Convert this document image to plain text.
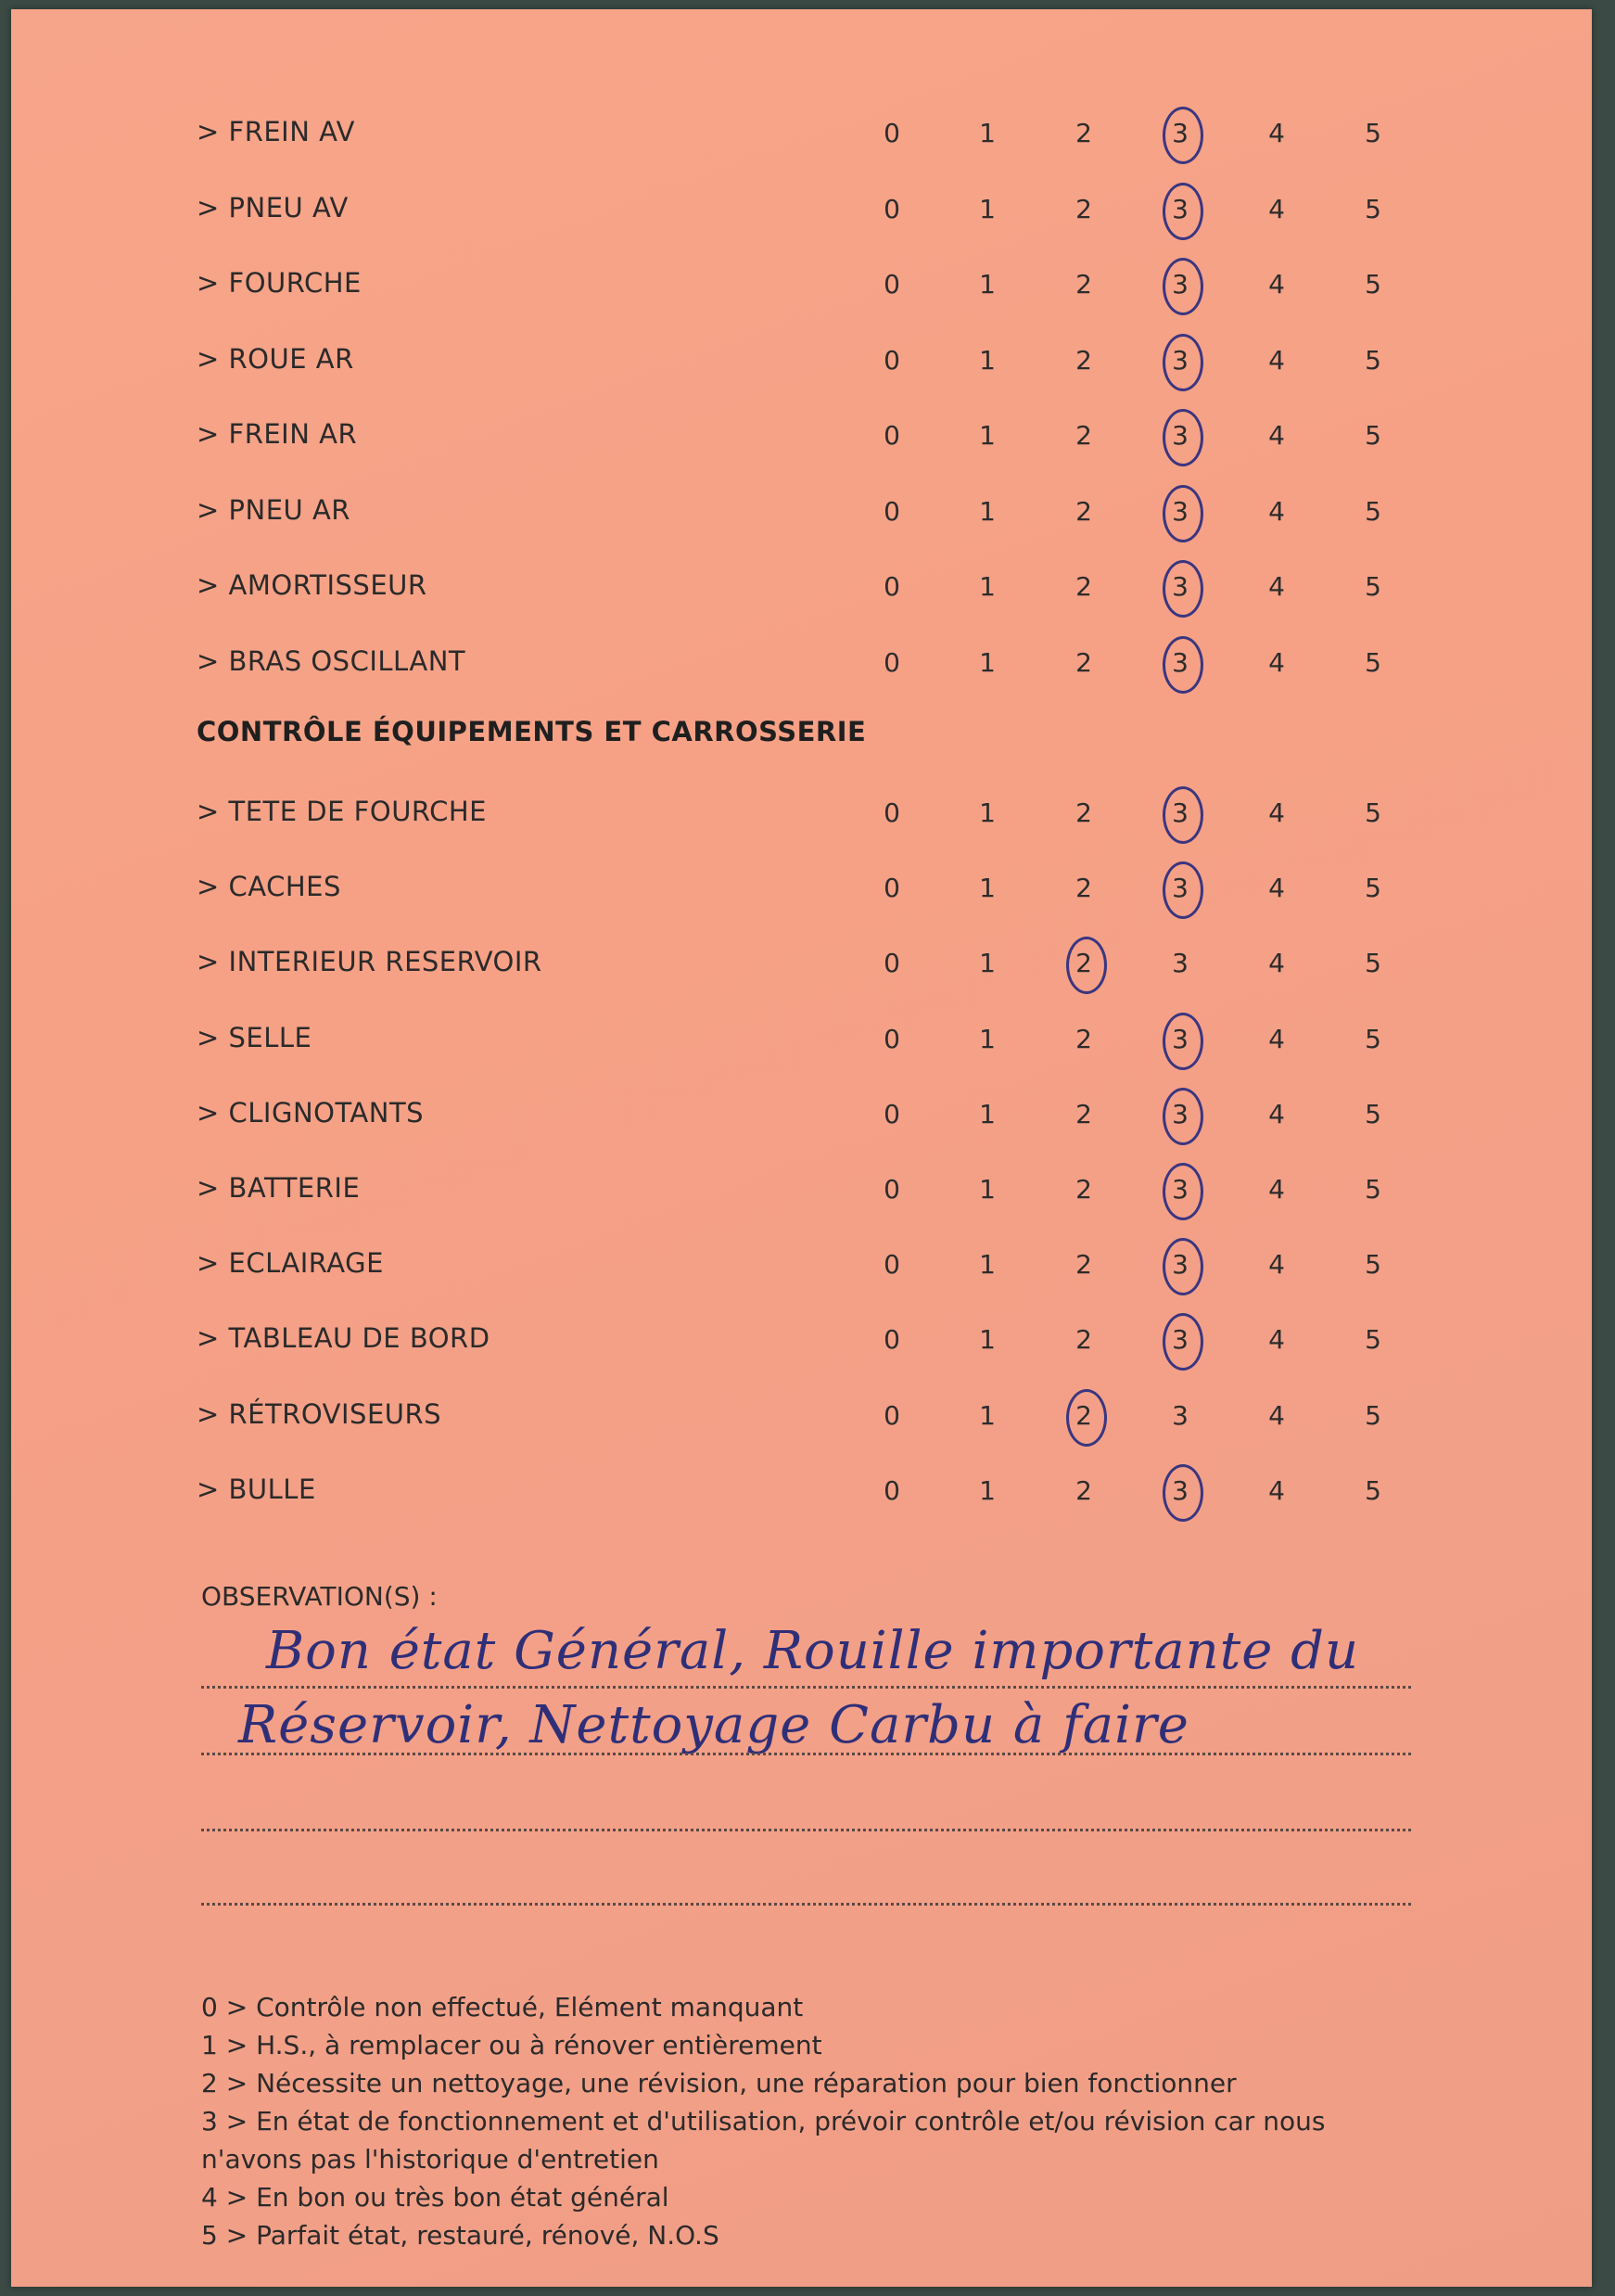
> FREIN AV	0	1	2	3	4	5
> PNEU AV	0	1	2	3	4	5
> FOURCHE	0	1	2	3	4	5
> ROUE AR	0	1	2	3	4	5
> FREIN AR	0	1	2	3	4	5
> PNEU AR	0	1	2	3	4	5
> AMORTISSEUR	0	1	2	3	4	5
> BRAS OSCILLANT	0	1	2	3	4	5
CONTRÔLE ÉQUIPEMENTS ET CARROSSERIE
> TETE DE FOURCHE	0	1	2	3	4	5
> CACHES	0	1	2	3	4	5
> INTERIEUR RESERVOIR	0	1	2	3	4	5
> SELLE	0	1	2	3	4	5
> CLIGNOTANTS	0	1	2	3	4	5
> BATTERIE	0	1	2	3	4	5
> ECLAIRAGE	0	1	2	3	4	5
> TABLEAU DE BORD	0	1	2	3	4	5
> RÉTROVISEURS	0	1	2	3	4	5
> BULLE	0	1	2	3	4	5
OBSERVATION(S) :
Bon état Général, Rouille importante du
Réservoir, Nettoyage Carbu à faire
0 > Contrôle non effectué, Elément manquant
1 > H.S., à remplacer ou à rénover entièrement
2 > Nécessite un nettoyage, une révision, une réparation pour bien fonctionner
3 > En état de fonctionnement et d'utilisation, prévoir contrôle et/ou révision car nous
n'avons pas l'historique d'entretien
4 > En bon ou très bon état général
5 > Parfait état, restauré, rénové, N.O.S
